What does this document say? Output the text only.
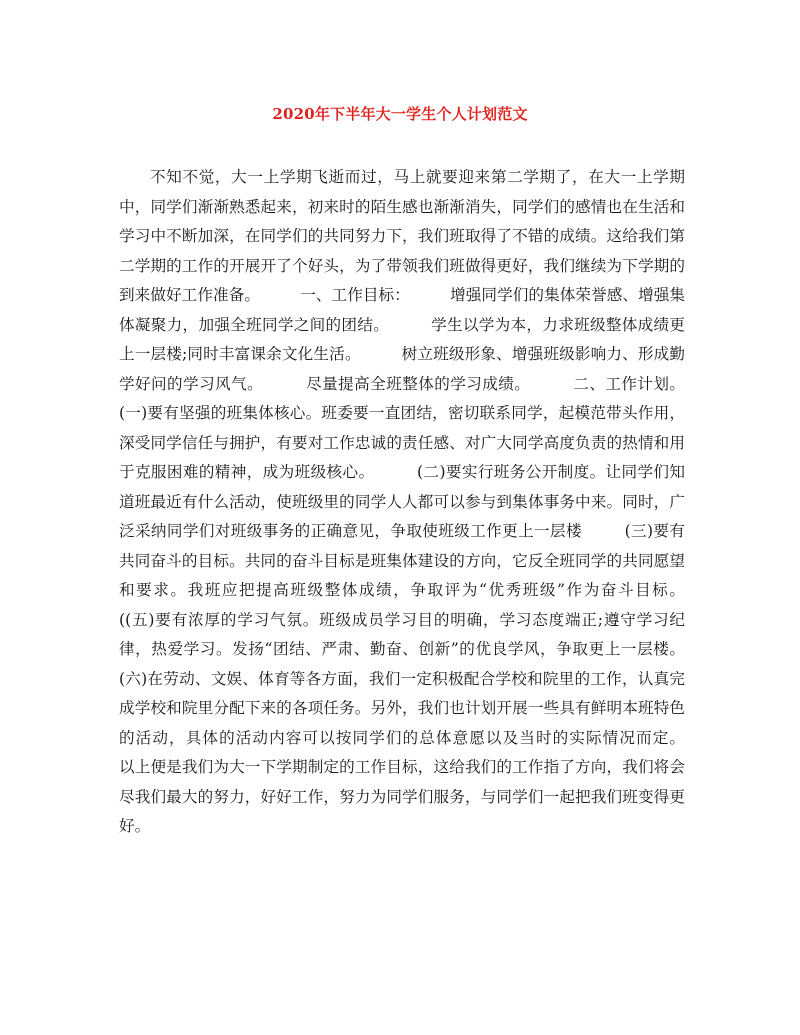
2020年下半年大一学生个人计划范文

不知不觉，大一上学期飞逝而过，马上就要迎来第二学期了，在大一上学期中，同学们渐渐熟悉起来，初来时的陌生感也渐渐消失，同学们的感情也在生活和学习中不断加深，在同学们的共同努力下，我们班取得了不错的成绩。这给我们第二学期的工作的开展开了个好头，为了带领我们班做得更好，我们继续为下学期的到来做好工作准备。        一、工作目标：        增强同学们的集体荣誉感、增强集体凝聚力，加强全班同学之间的团结。        学生以学为本，力求班级整体成绩更上一层楼;同时丰富课余文化生活。        树立班级形象、增强班级影响力、形成勤学好问的学习风气。        尽量提高全班整体的学习成绩。        二、工作计划。        (一)要有坚强的班集体核心。班委要一直团结，密切联系同学，起模范带头作用，深受同学信任与拥护，有要对工作忠诚的责任感、对广大同学高度负责的热情和用于克服困难的精神，成为班级核心。        (二)要实行班务公开制度。让同学们知道班最近有什么活动，使班级里的同学人人都可以参与到集体事务中来。同时，广泛采纳同学们对班级事务的正确意见，争取使班级工作更上一层楼        (三)要有共同奋斗的目标。共同的奋斗目标是班集体建设的方向，它反全班同学的共同愿望和要求。我班应把提高班级整体成绩，争取评为“优秀班级”作为奋斗目标。        ((五)要有浓厚的学习气氛。班级成员学习目的明确，学习态度端正;遵守学习纪律，热爱学习。发扬“团结、严肃、勤奋、创新”的优良学风，争取更上一层楼。        (六)在劳动、文娱、体育等各方面，我们一定积极配合学校和院里的工作，认真完成学校和院里分配下来的各项任务。另外，我们也计划开展一些具有鲜明本班特色的活动，具体的活动内容可以按同学们的总体意愿以及当时的实际情况而定。        以上便是我们为大一下学期制定的工作目标，这给我们的工作指了方向，我们将会尽我们最大的努力，好好工作，努力为同学们服务，与同学们一起把我们班变得更好。
